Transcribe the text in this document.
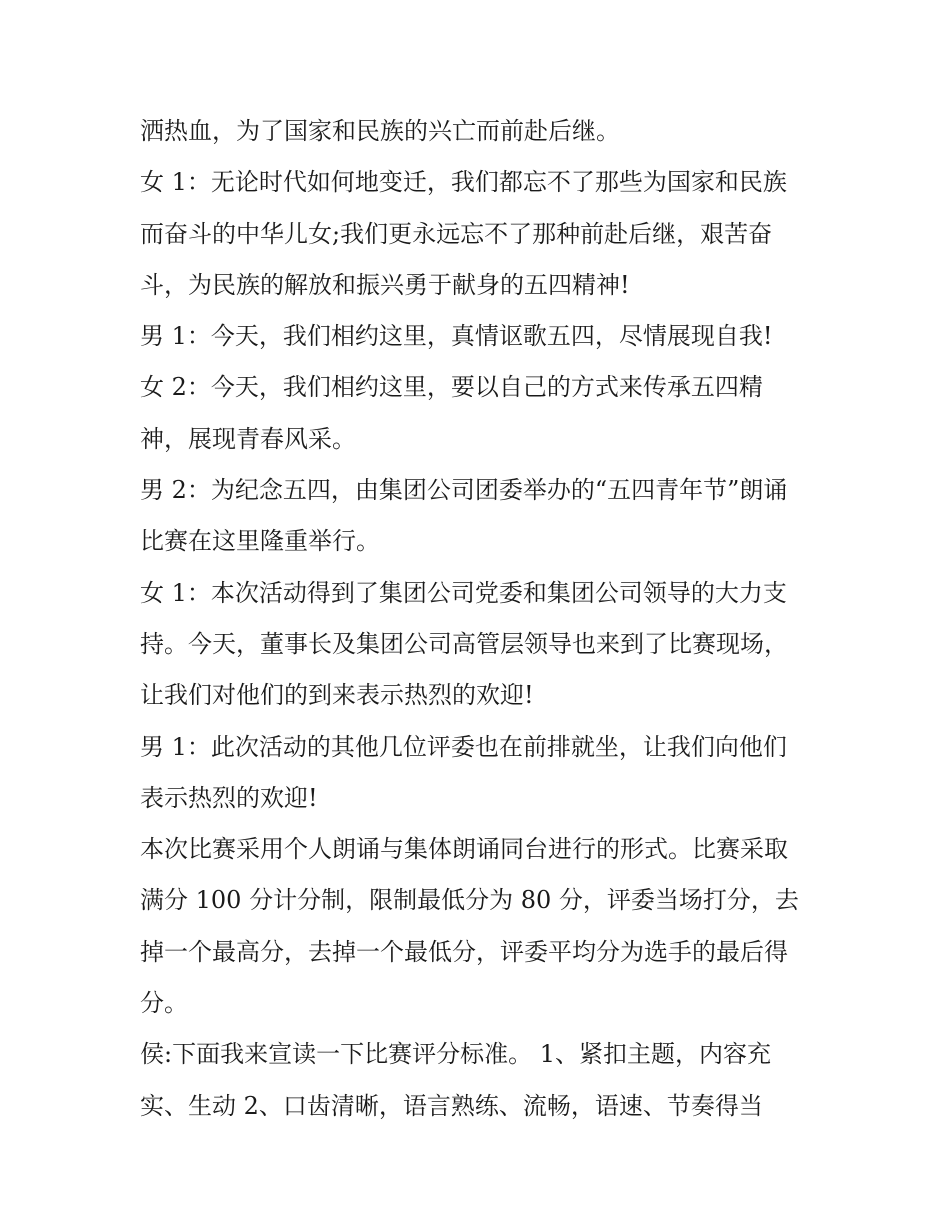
洒热血，为了国家和民族的兴亡而前赴后继。
女 1：无论时代如何地变迁，我们都忘不了那些为国家和民族
而奋斗的中华儿女;我们更永远忘不了那种前赴后继，艰苦奋
斗，为民族的解放和振兴勇于献身的五四精神!
男 1：今天，我们相约这里，真情讴歌五四，尽情展现自我!
女 2：今天，我们相约这里，要以自己的方式来传承五四精
神，展现青春风采。
男 2：为纪念五四，由集团公司团委举办的“五四青年节”朗诵
比赛在这里隆重举行。
女 1：本次活动得到了集团公司党委和集团公司领导的大力支
持。今天，董事长及集团公司高管层领导也来到了比赛现场，
让我们对他们的到来表示热烈的欢迎!
男 1：此次活动的其他几位评委也在前排就坐，让我们向他们
表示热烈的欢迎!
本次比赛采用个人朗诵与集体朗诵同台进行的形式。比赛采取
满分 100 分计分制，限制最低分为 80 分，评委当场打分，去
掉一个最高分，去掉一个最低分，评委平均分为选手的最后得
分。
侯:下面我来宣读一下比赛评分标准。 1、紧扣主题，内容充
实、生动 2、口齿清晰，语言熟练、流畅，语速、节奏得当
